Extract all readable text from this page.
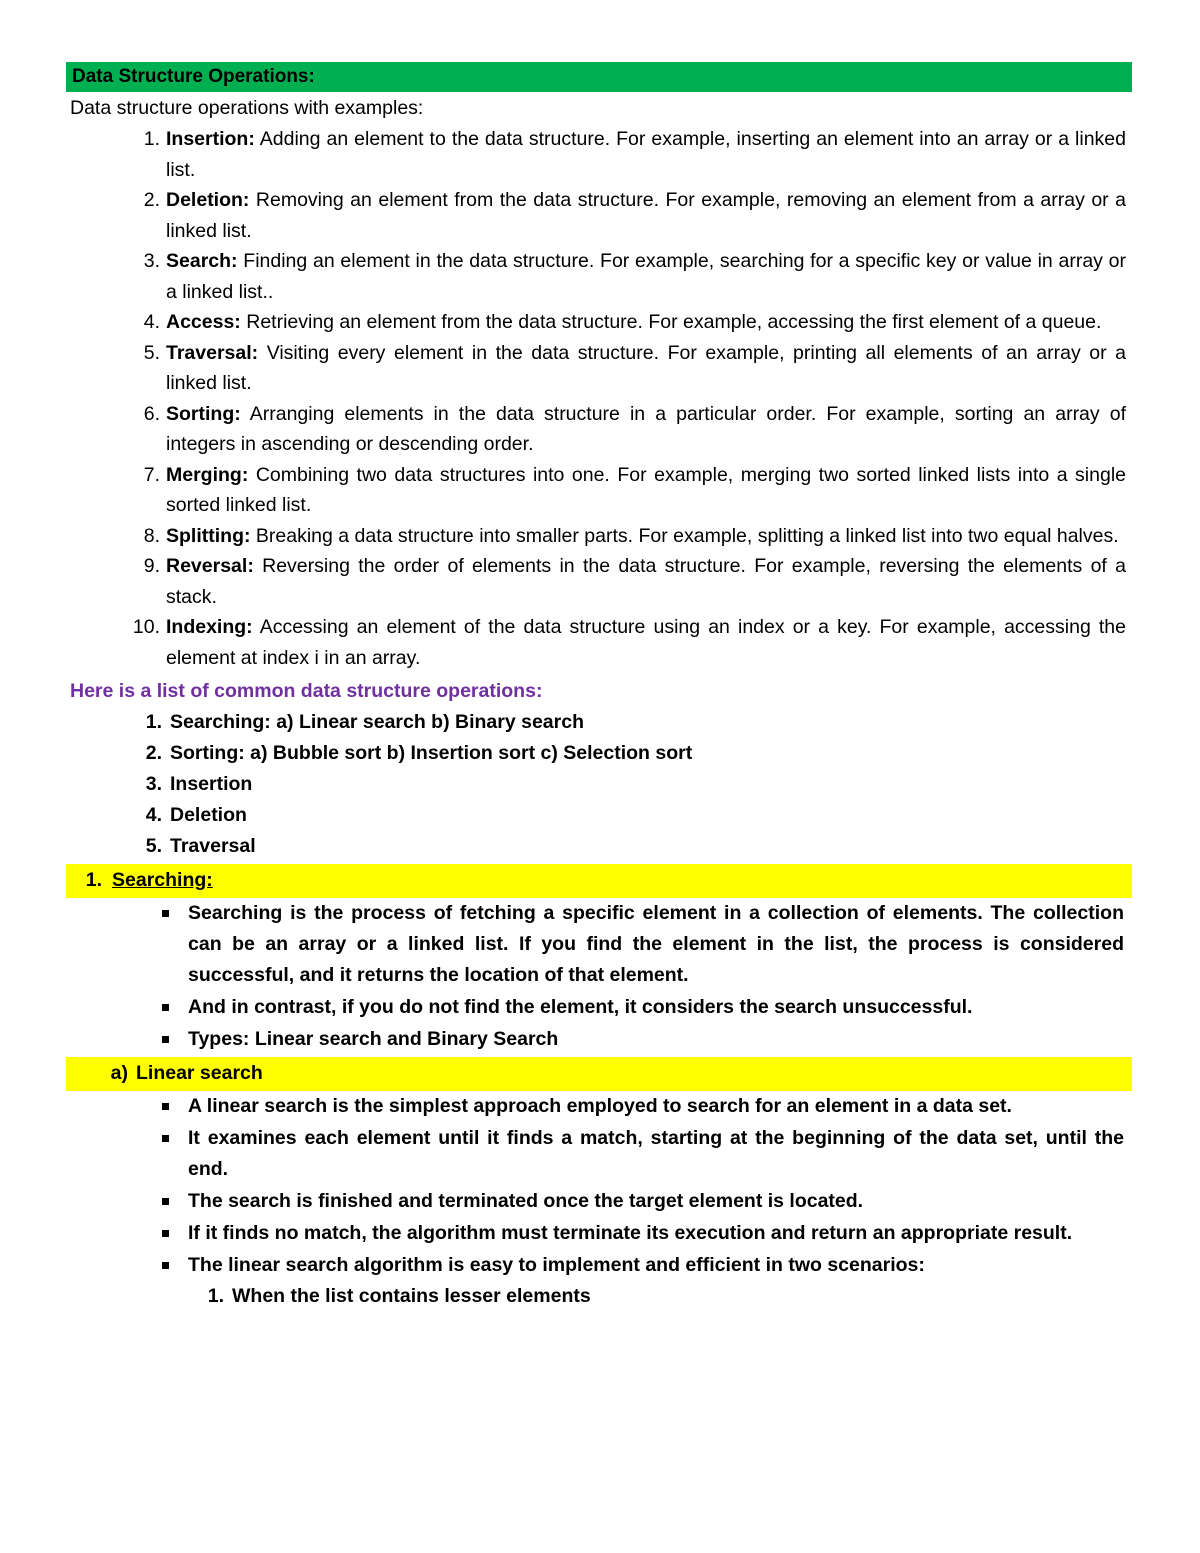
Data Structure Operations:
Data structure operations with examples:
Insertion: Adding an element to the data structure. For example, inserting an element into an array or a linked list.
Deletion: Removing an element from the data structure. For example, removing an element from a array or a linked list.
Search: Finding an element in the data structure. For example, searching for a specific key or value in array or a linked list..
Access: Retrieving an element from the data structure. For example, accessing the first element of a queue.
Traversal: Visiting every element in the data structure. For example, printing all elements of an array or a linked list.
Sorting: Arranging elements in the data structure in a particular order. For example, sorting an array of integers in ascending or descending order.
Merging: Combining two data structures into one. For example, merging two sorted linked lists into a single sorted linked list.
Splitting: Breaking a data structure into smaller parts. For example, splitting a linked list into two equal halves.
Reversal: Reversing the order of elements in the data structure. For example, reversing the elements of a stack.
Indexing: Accessing an element of the data structure using an index or a key. For example, accessing the element at index i in an array.
Here is a list of common data structure operations:
Searching: a) Linear search b) Binary search
Sorting: a) Bubble sort b) Insertion sort c) Selection sort
Insertion
Deletion
Traversal
1. Searching:
Searching is the process of fetching a specific element in a collection of elements. The collection can be an array or a linked list. If you find the element in the list, the process is considered successful, and it returns the location of that element.
And in contrast, if you do not find the element, it considers the search unsuccessful.
Types: Linear search and Binary Search
a) Linear search
A linear search is the simplest approach employed to search for an element in a data set.
It examines each element until it finds a match, starting at the beginning of the data set, until the end.
The search is finished and terminated once the target element is located.
If it finds no match, the algorithm must terminate its execution and return an appropriate result.
The linear search algorithm is easy to implement and efficient in two scenarios:
When the list contains lesser elements
